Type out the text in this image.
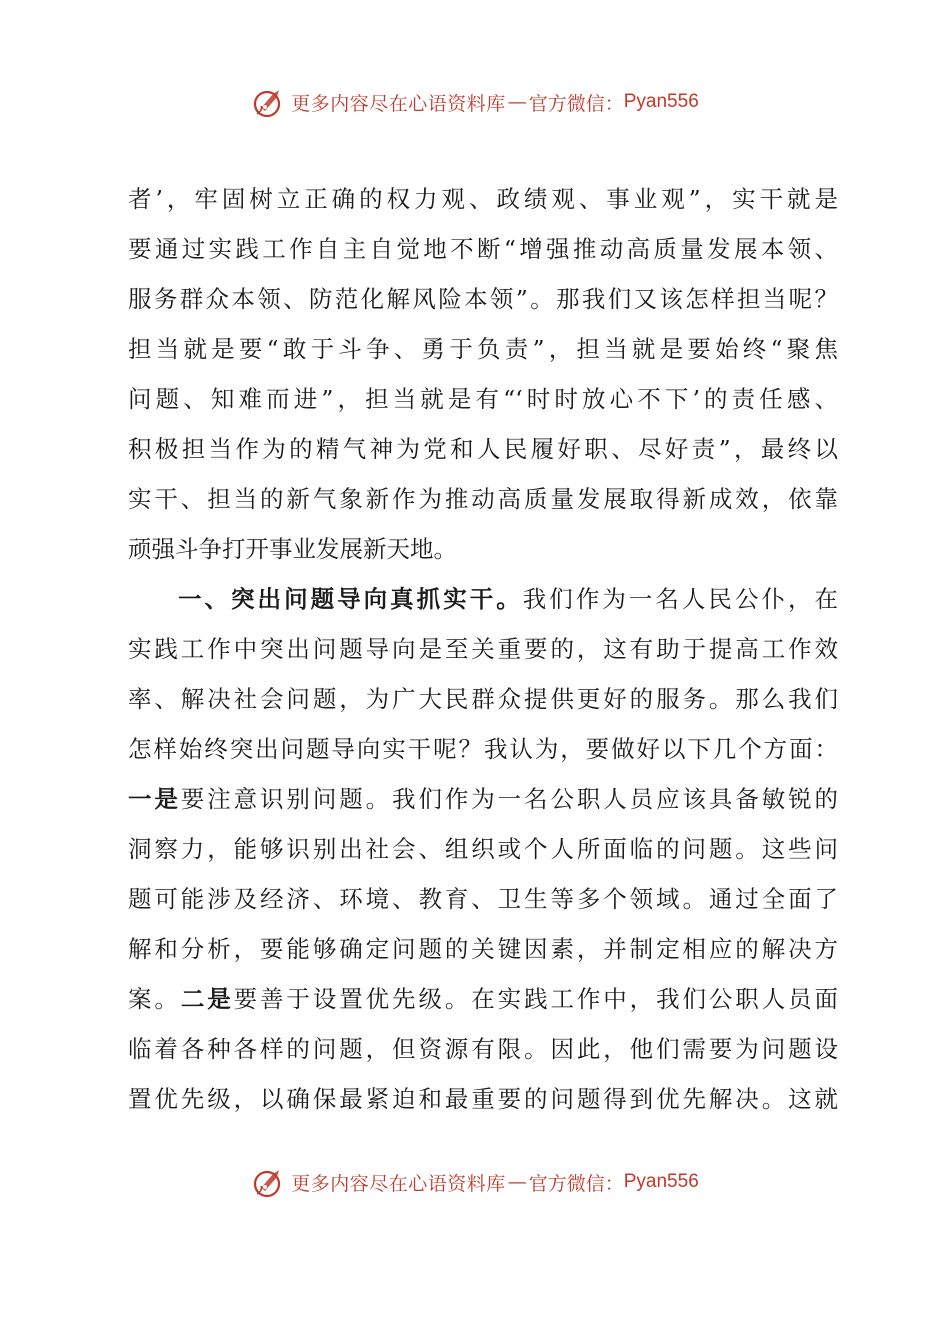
更多内容尽在心语资料库 — 官方微信： Pyan556
者’，牢固树立正确的权力观、政绩观、事业观”，实干就是
要通过实践工作自主自觉地不断“增强推动高质量发展本领、
服务群众本领、防范化解风险本领”。那我们又该怎样担当呢？
担当就是要“敢于斗争、勇于负责”，担当就是要始终“聚焦
问题、知难而进”，担当就是有“‘时时放心不下’的责任感、
积极担当作为的精气神为党和人民履好职、尽好责”，最终以
实干、担当的新气象新作为推动高质量发展取得新成效，依靠
顽强斗争打开事业发展新天地。
一、突出问题导向真抓实干。我们作为一名人民公仆，在
实践工作中突出问题导向是至关重要的，这有助于提高工作效
率、解决社会问题，为广大民群众提供更好的服务。那么我们
怎样始终突出问题导向实干呢？我认为，要做好以下几个方面：
一是要注意识别问题。我们作为一名公职人员应该具备敏锐的
洞察力，能够识别出社会、组织或个人所面临的问题。这些问
题可能涉及经济、环境、教育、卫生等多个领域。通过全面了
解和分析，要能够确定问题的关键因素，并制定相应的解决方
案。二是要善于设置优先级。在实践工作中，我们公职人员面
临着各种各样的问题，但资源有限。因此，他们需要为问题设
置优先级，以确保最紧迫和最重要的问题得到优先解决。这就
更多内容尽在心语资料库 — 官方微信： Pyan556
